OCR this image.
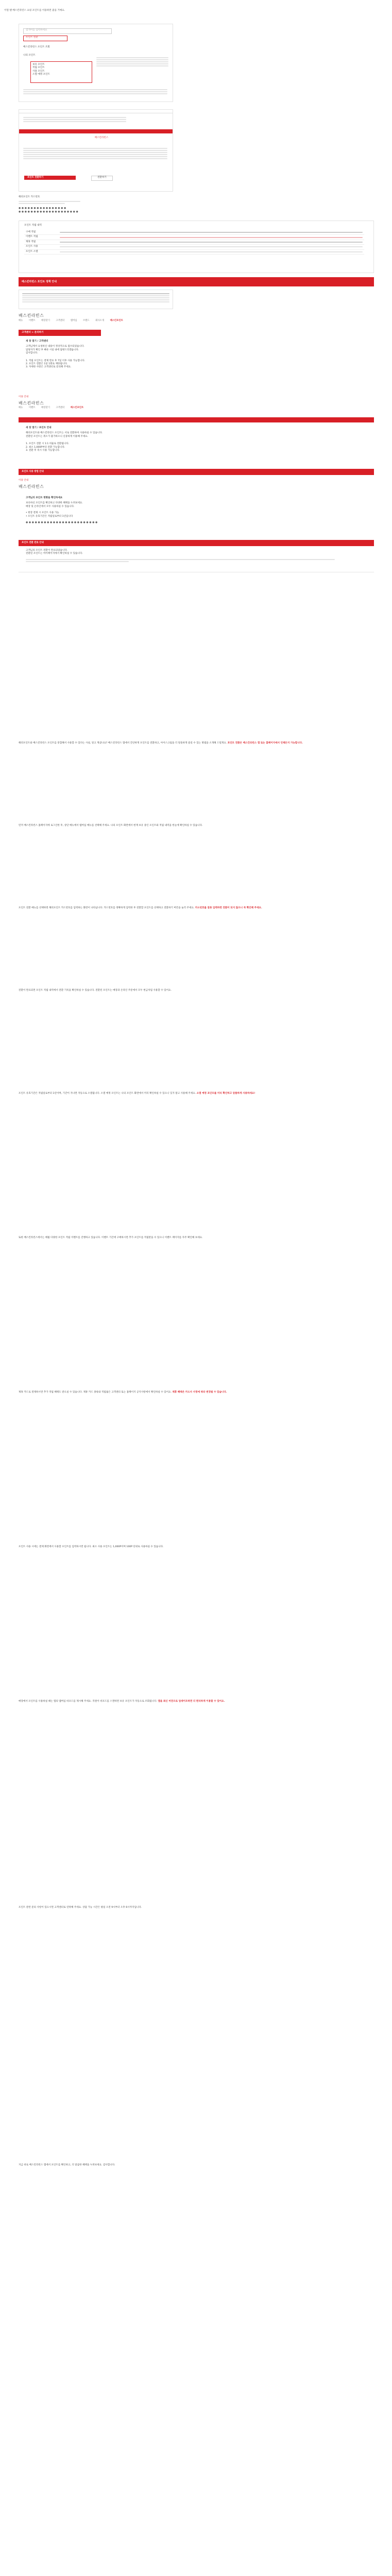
이럴 땐 배스킨라빈스 쇼핑 포인트를 이용하면 좋을 거예요.
검색어를 입력하세요
포인트 전환
배스킨라빈스 포인트 조회
나의 포인트
보유 포인트
적립 포인트
사용 포인트
소멸 예정 포인트
배스킨라빈스
포인트 전환하기	전환하기
해피포인트 카드번호
● ● ● ● ● ● ● ● ● ● ● ● ● ● ● ●
● ● ● ● ● ● ● ● ● ● ● ● ● ● ● ● ● ● ● ●
포인트 적립 내역
구매 적립	

이벤트 적립	

제휴 적립	

포인트 사용	

포인트 소멸	
배스킨라빈스 포인트 정책 안내
배스킨라빈스
메뉴	이벤트	매장찾기	고객센터	멤버십	브랜드	회사소개	배스킨포인트
고객센터 > 문의하기
새 창 열기 / 고객센터
고객님께서 요청하신 내용이 정상적으로 접수되었습니다.
담당자가 확인 후 빠른 시일 내에 답변드리겠습니다.
감사합니다.
1. 적립 포인트는 결제 완료 후 7일 이후 사용 가능합니다.
2. 포인트 전환은 1일 1회로 제한됩니다.
3. 자세한 사항은 고객센터로 문의해 주세요.
이용 안내
배스킨라빈스
메뉴	이벤트	매장찾기	고객센터	배스킨포인트
새 창 열기 / 포인트 안내
해피포인트와 배스킨라빈스 포인트는 서로 전환하여 사용하실 수 있습니다.
전환된 포인트는 취소가 불가하오니 신중하게 이용해 주세요.
1. 포인트 전환 시 1:1 비율로 전환됩니다.
2. 최소 1,000P부터 전환 가능합니다.
3. 전환 후 즉시 사용 가능합니다.
포인트 사용 방법 안내
이용 안내
배스킨라빈스
고객님의 포인트 현황을 확인하세요
보유하신 포인트를 확인하고 다양한 혜택을 누려보세요.
매장 및 온라인에서 모두 사용하실 수 있습니다.
• 현장 결제 시 포인트 사용 가능
• 포인트 유효기간은 적립일로부터 1년입니다
● ● ● ● ● ● ● ● ● ● ● ● ● ● ● ● ● ● ● ● ● ● ● ●
포인트 전환 완료 안내
고객님의 포인트 전환이 완료되었습니다.
전환된 포인트는 마이페이지에서 확인하실 수 있습니다.

해피포인트와 배스킨라빈스 포인트를 통합해서 사용할 수 있다는 사실, 알고 계셨나요? 배스킨라빈스 앱에서 간단하게 포인트를 전환하고, 아이스크림을 더 알뜰하게 즐길 수 있는 방법을 소개해 드릴게요. 포인트 전환은 배스킨라빈스 앱 또는 홈페이지에서 언제든지 가능합니다.

먼저 배스킨라빈스 홈페이지에 로그인한 후, 상단 메뉴에서 멤버십 메뉴를 선택해 주세요. 나의 포인트 화면에서 현재 보유 중인 포인트와 적립 내역을 한눈에 확인하실 수 있습니다.

포인트 전환 메뉴를 선택하면 해피포인트 카드번호를 입력하는 화면이 나타납니다. 카드번호를 정확하게 입력한 후 전환할 포인트를 선택하고 전환하기 버튼을 눌러 주세요. 카드번호를 잘못 입력하면 전환이 되지 않으니 꼭 확인해 주세요.

전환이 완료되면 포인트 적립 내역에서 전환 기록을 확인하실 수 있습니다. 전환된 포인트는 매장과 온라인 주문에서 모두 현금처럼 사용할 수 있어요.

포인트 유효기간은 적립일로부터 1년이며, 기간이 지나면 자동으로 소멸됩니다. 소멸 예정 포인트는 나의 포인트 화면에서 미리 확인하실 수 있으니 잊지 말고 사용해 주세요. 소멸 예정 포인트를 미리 확인하고 알뜰하게 사용하세요!

또한 배스킨라빈스에서는 매월 다양한 포인트 적립 이벤트를 진행하고 있습니다. 이벤트 기간에 구매하시면 추가 포인트를 적립받을 수 있으니 이벤트 페이지를 자주 확인해 보세요.

제휴 카드로 결제하시면 추가 적립 혜택도 받으실 수 있습니다. 제휴 카드 종류와 적립률은 고객센터 또는 홈페이지 공지사항에서 확인하실 수 있어요. 제휴 혜택은 카드사 사정에 따라 변경될 수 있습니다.

포인트 사용 시에는 결제 화면에서 사용할 포인트를 입력하시면 됩니다. 최소 사용 포인트는 1,000P이며 100P 단위로 사용하실 수 있습니다.

매장에서 포인트를 사용하실 때는 앱의 멤버십 바코드를 제시해 주세요. 직원이 바코드를 스캔하면 보유 포인트가 자동으로 조회됩니다. 앱을 최신 버전으로 업데이트하면 더 편리하게 이용할 수 있어요.

포인트 관련 문의 사항이 있으시면 고객센터로 연락해 주세요. 상담 가능 시간은 평일 오전 9시부터 오후 6시까지입니다.

지금 바로 배스킨라빈스 앱에서 포인트를 확인하고, 더 달콤한 혜택을 누려보세요. 감사합니다.
